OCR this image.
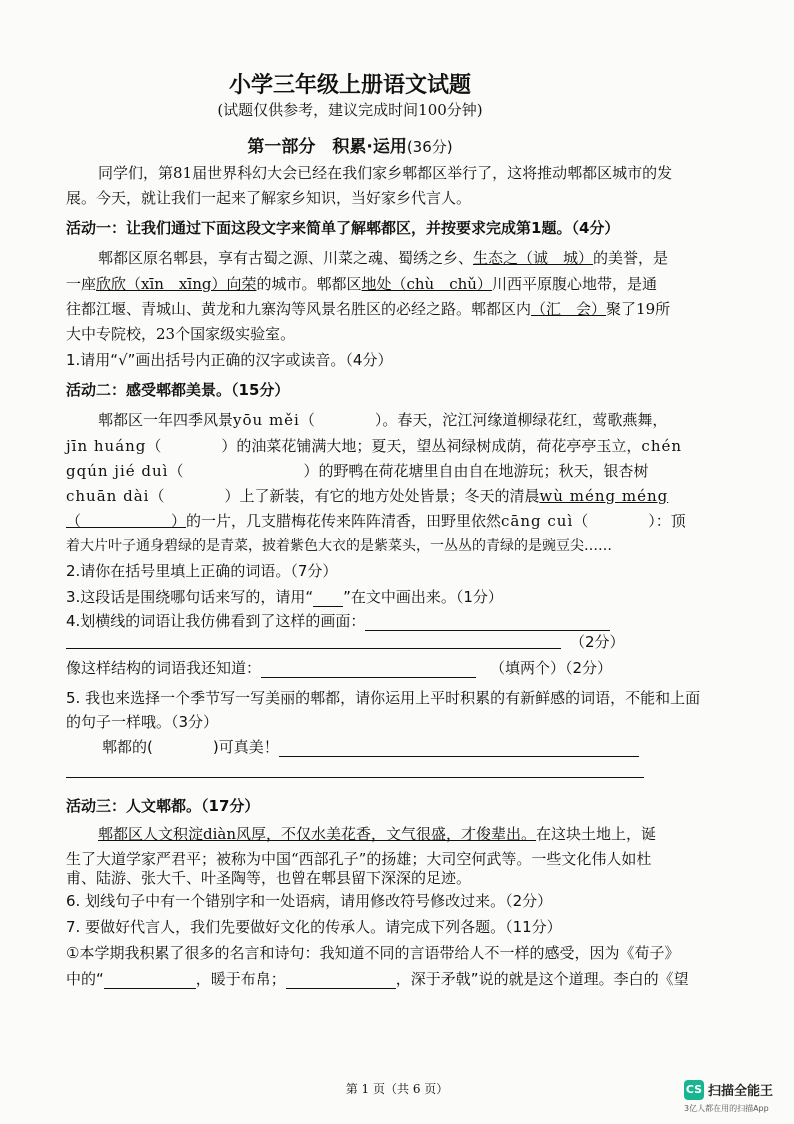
小学三年级上册语文试题
(试题仅供参考，建议完成时间100分钟)
第一部分　积累·运用(36分)
同学们，第81届世界科幻大会已经在我们家乡郫都区举行了，这将推动郫都区城市的发
展。今天，就让我们一起来了解家乡知识，当好家乡代言人。
活动一：让我们通过下面这段文字来简单了解郫都区，并按要求完成第1题。（4分）
郫都区原名郫县，享有古蜀之源、川菜之魂、蜀绣之乡、生态之（诚　城）的美誉，是
一座欣欣（xīn　xīng）向荣的城市。郫都区地处（chù　chǔ）川西平原腹心地带，是通
往都江堰、青城山、黄龙和九寨沟等风景名胜区的必经之路。郫都区内（汇　会）聚了19所
大中专院校，23个国家级实验室。
1.请用“√”画出括号内正确的汉字或读音。（4分）
活动二：感受郫都美景。（15分）
郫都区一年四季风景yōu měi（　　　　）。春天，沱江河缘道柳绿花红，莺歌燕舞，
jīn huáng（　　　　）的油菜花铺满大地；夏天，望丛祠绿树成荫，荷花亭亭玉立，chén
gqún jié duì（　　　　　　　　）的野鸭在荷花塘里自由自在地游玩；秋天，银杏树
chuān dài（　　　　）上了新装，有它的地方处处皆景；冬天的清晨wù méng méng
（　　　　　　）的一片，几支腊梅花传来阵阵清香，田野里依然cāng cuì（　　　　）：顶
着大片叶子通身碧绿的是青菜，披着紫色大衣的是紫菜头，一丛丛的青绿的是豌豆尖……
2.请你在括号里填上正确的词语。（7分）
3.这段话是围绕哪句话来写的，请用“ ”在文中画出来。（1分）
4.划横线的词语让我仿佛看到了这样的画面：
（2分）
像这样结构的词语我还知道：	（填两个）（2分）
5. 我也来选择一个季节写一写美丽的郫都，请你运用上平时积累的有新鲜感的词语，不能和上面
的句子一样哦。（3分）
郫都的(　　　　)可真美！
活动三：人文郫都。（17分）
郫都区人文积淀diàn风厚，不仅水美花香，文气很盛，才俊辈出。在这块土地上，诞
生了大道学家严君平；被称为中国“西部孔子”的扬雄；大司空何武等。一些文化伟人如杜
甫、陆游、张大千、叶圣陶等，也曾在郫县留下深深的足迹。
6. 划线句子中有一个错别字和一处语病，请用修改符号修改过来。（2分）
7. 要做好代言人，我们先要做好文化的传承人。请完成下列各题。（11分）
①本学期我积累了很多的名言和诗句：我知道不同的言语带给人不一样的感受，因为《荀子》
中的“	，暖于布帛；	，深于矛戟”说的就是这个道理。李白的《望
第 1 页（共 6 页）	CS 扫描全能王
3亿人都在用的扫描App
